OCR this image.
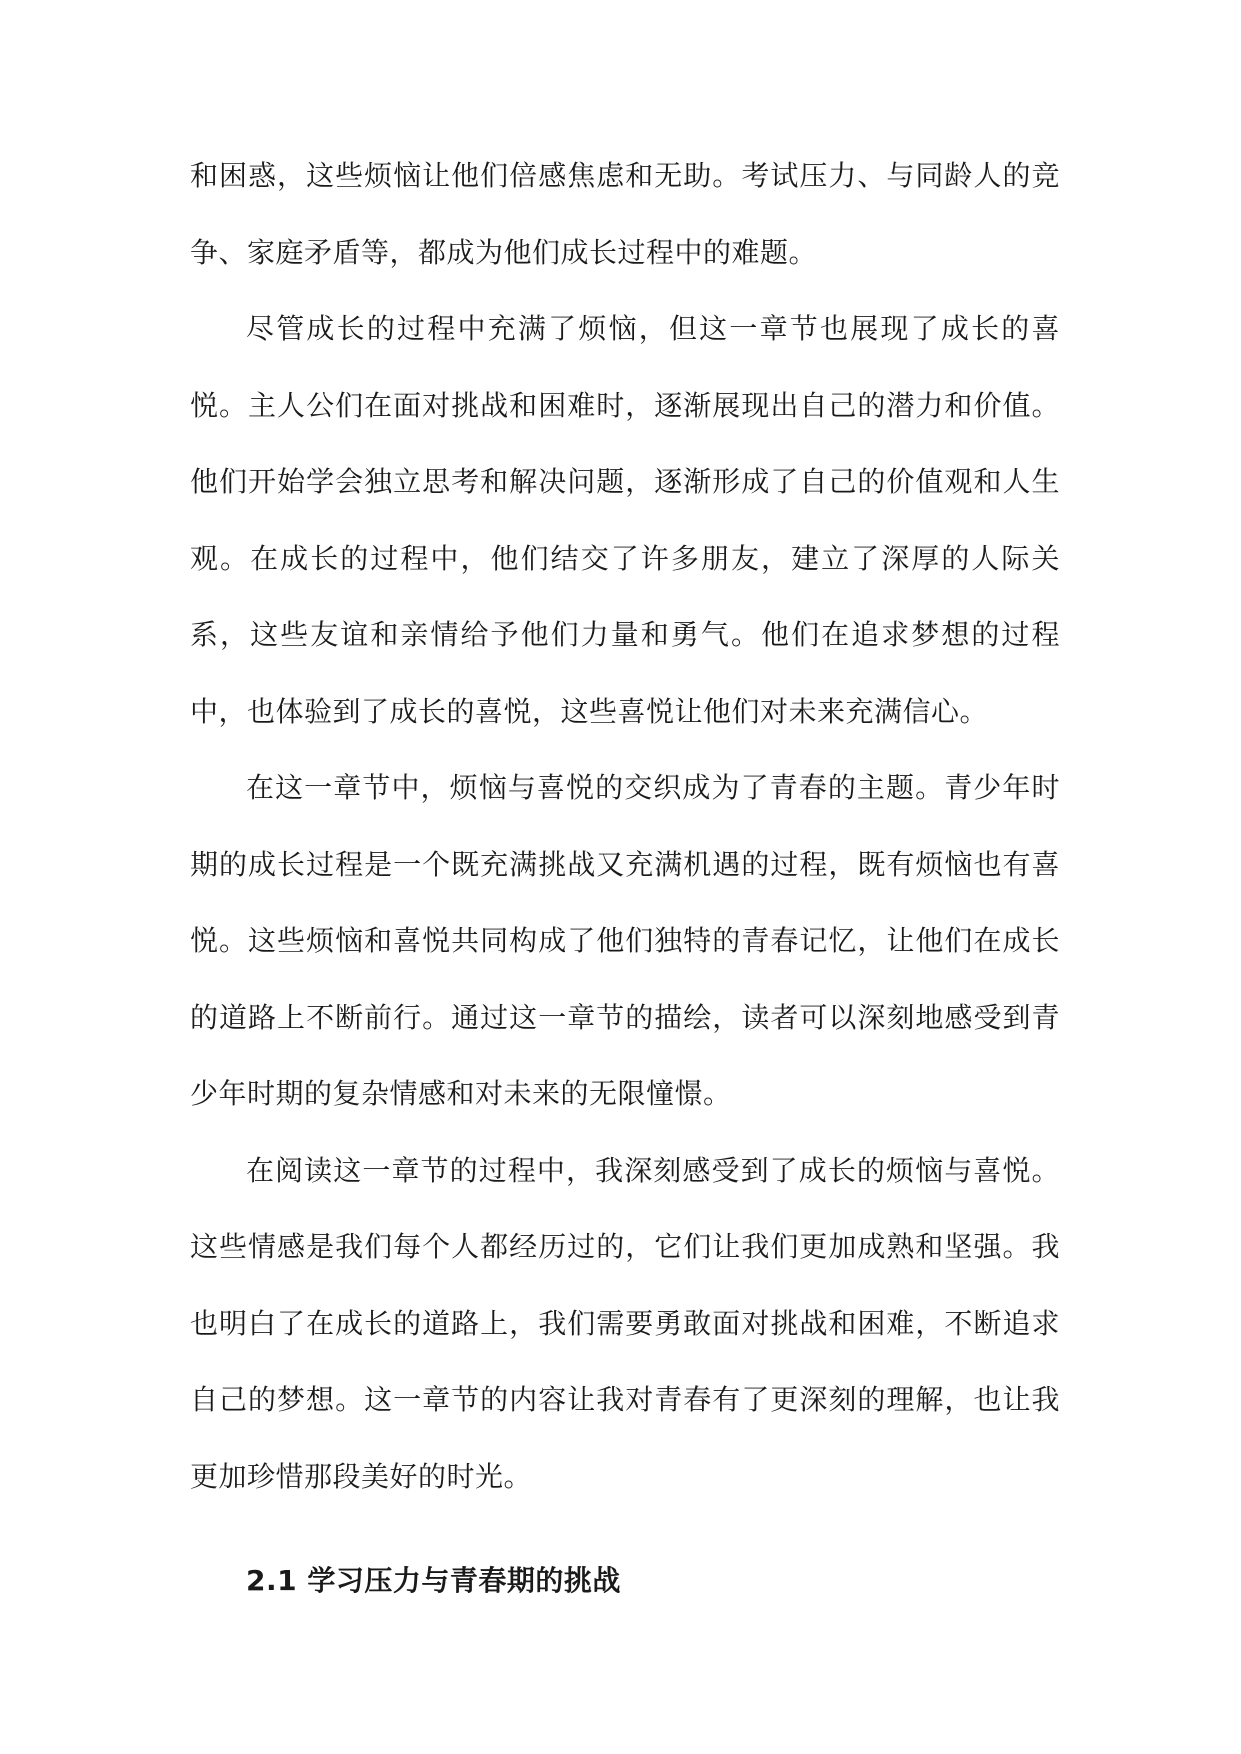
和困惑，这些烦恼让他们倍感焦虑和无助。考试压力、与同龄人的竞争、家庭矛盾等，都成为他们成长过程中的难题。

尽管成长的过程中充满了烦恼，但这一章节也展现了成长的喜悦。主人公们在面对挑战和困难时，逐渐展现出自己的潜力和价值。他们开始学会独立思考和解决问题，逐渐形成了自己的价值观和人生观。在成长的过程中，他们结交了许多朋友，建立了深厚的人际关系，这些友谊和亲情给予他们力量和勇气。他们在追求梦想的过程中，也体验到了成长的喜悦，这些喜悦让他们对未来充满信心。

在这一章节中，烦恼与喜悦的交织成为了青春的主题。青少年时期的成长过程是一个既充满挑战又充满机遇的过程，既有烦恼也有喜悦。这些烦恼和喜悦共同构成了他们独特的青春记忆，让他们在成长的道路上不断前行。通过这一章节的描绘，读者可以深刻地感受到青少年时期的复杂情感和对未来的无限憧憬。

在阅读这一章节的过程中，我深刻感受到了成长的烦恼与喜悦。这些情感是我们每个人都经历过的，它们让我们更加成熟和坚强。我也明白了在成长的道路上，我们需要勇敢面对挑战和困难，不断追求自己的梦想。这一章节的内容让我对青春有了更深刻的理解，也让我更加珍惜那段美好的时光。

2.1 学习压力与青春期的挑战
